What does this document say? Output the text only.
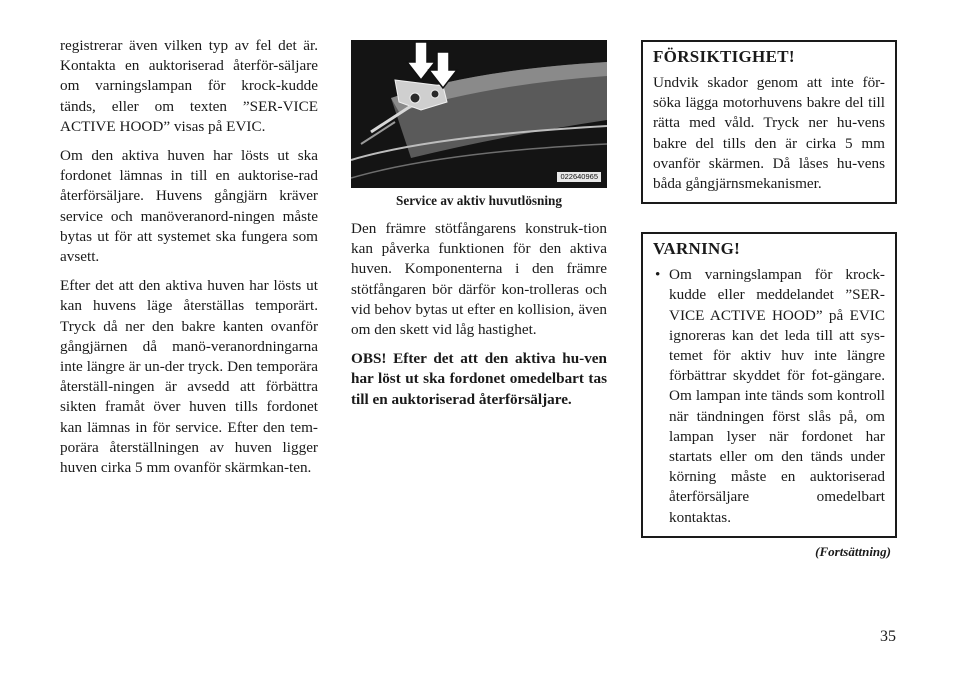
registrerar även vilken typ av fel det är. Kontakta en auktoriserad återför-säljare om varningslampan för krock-kudde tänds, eller om texten ”SER-VICE ACTIVE HOOD” visas på EVIC.

Om den aktiva huven har lösts ut ska fordonet lämnas in till en auktorise-rad återförsäljare. Huvens gångjärn kräver service och manöveranord-ningen måste bytas ut för att systemet ska fungera som avsett.

Efter det att den aktiva huven har lösts ut kan huvens läge återställas temporärt. Tryck då ner den bakre kanten ovanför gångjärnen då manö-veranordningarna inte längre är un-der tryck. Den temporära återställ-ningen är avsedd att förbättra sikten framåt över huven tills fordonet kan lämnas in för service. Efter den tem-porära återställningen av huven ligger huven cirka 5 mm ovanför skärmkan-ten.

022640965
Service av aktiv huvutlösning

Den främre stötfångarens konstruk-tion kan påverka funktionen för den aktiva huven. Komponenterna i den främre stötfångaren bör därför kon-trolleras och vid behov bytas ut efter en kollision, även om den skett vid låg hastighet.

OBS! Efter det att den aktiva hu-ven har löst ut ska fordonet omedelbart tas till en auktoriserad återförsäljare.

FÖRSIKTIGHET!

Undvik skador genom att inte för-söka lägga motorhuvens bakre del till rätta med våld. Tryck ner hu-vens bakre del tills den är cirka 5 mm ovanför skärmen. Då låses hu-vens båda gångjärnsmekanismer.

VARNING!
• Om varningslampan för krock-kudde eller meddelandet ”SER-VICE ACTIVE HOOD” på EVIC ignoreras kan det leda till att sys-temet för aktiv huv inte längre förbättrar skyddet för fot-gängare. Om lampan inte tänds som kontroll när tändningen först slås på, om lampan lyser när fordonet har startats eller om den tänds under körning måste en auktoriserad återförsäljare omedelbart kontaktas.
(Fortsättning)
35
